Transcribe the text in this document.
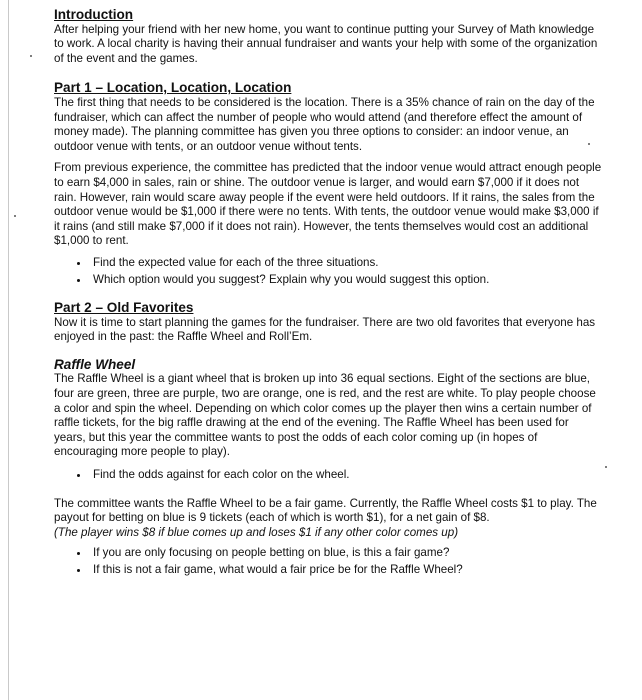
Introduction

After helping your friend with her new home, you want to continue putting your Survey of Math knowledge to work. A local charity is having their annual fundraiser and wants your help with some of the organization of the event and the games.

Part 1 – Location, Location, Location

The first thing that needs to be considered is the location. There is a 35% chance of rain on the day of the fundraiser, which can affect the number of people who would attend (and therefore effect the amount of money made). The planning committee has given you three options to consider: an indoor venue, an outdoor venue with tents, or an outdoor venue without tents.

From previous experience, the committee has predicted that the indoor venue would attract enough people to earn $4,000 in sales, rain or shine. The outdoor venue is larger, and would earn $7,000 if it does not rain. However, rain would scare away people if the event were held outdoors. If it rains, the sales from the outdoor venue would be $1,000 if there were no tents. With tents, the outdoor venue would make $3,000 if it rains (and still make $7,000 if it does not rain). However, the tents themselves would cost an additional $1,000 to rent.

• Find the expected value for each of the three situations.
• Which option would you suggest? Explain why you would suggest this option.
Part 2 – Old Favorites

Now it is time to start planning the games for the fundraiser. There are two old favorites that everyone has enjoyed in the past: the Raffle Wheel and Roll’Em.

Raffle Wheel

The Raffle Wheel is a giant wheel that is broken up into 36 equal sections. Eight of the sections are blue, four are green, three are purple, two are orange, one is red, and the rest are white. To play people choose a color and spin the wheel. Depending on which color comes up the player then wins a certain number of raffle tickets, for the big raffle drawing at the end of the evening. The Raffle Wheel has been used for years, but this year the committee wants to post the odds of each color coming up (in hopes of encouraging more people to play).

• Find the odds against for each color on the wheel.

The committee wants the Raffle Wheel to be a fair game. Currently, the Raffle Wheel costs $1 to play. The payout for betting on blue is 9 tickets (each of which is worth $1), for a net gain of $8.

(The player wins $8 if blue comes up and loses $1 if any other color comes up)

• If you are only focusing on people betting on blue, is this a fair game?
• If this is not a fair game, what would a fair price be for the Raffle Wheel?
